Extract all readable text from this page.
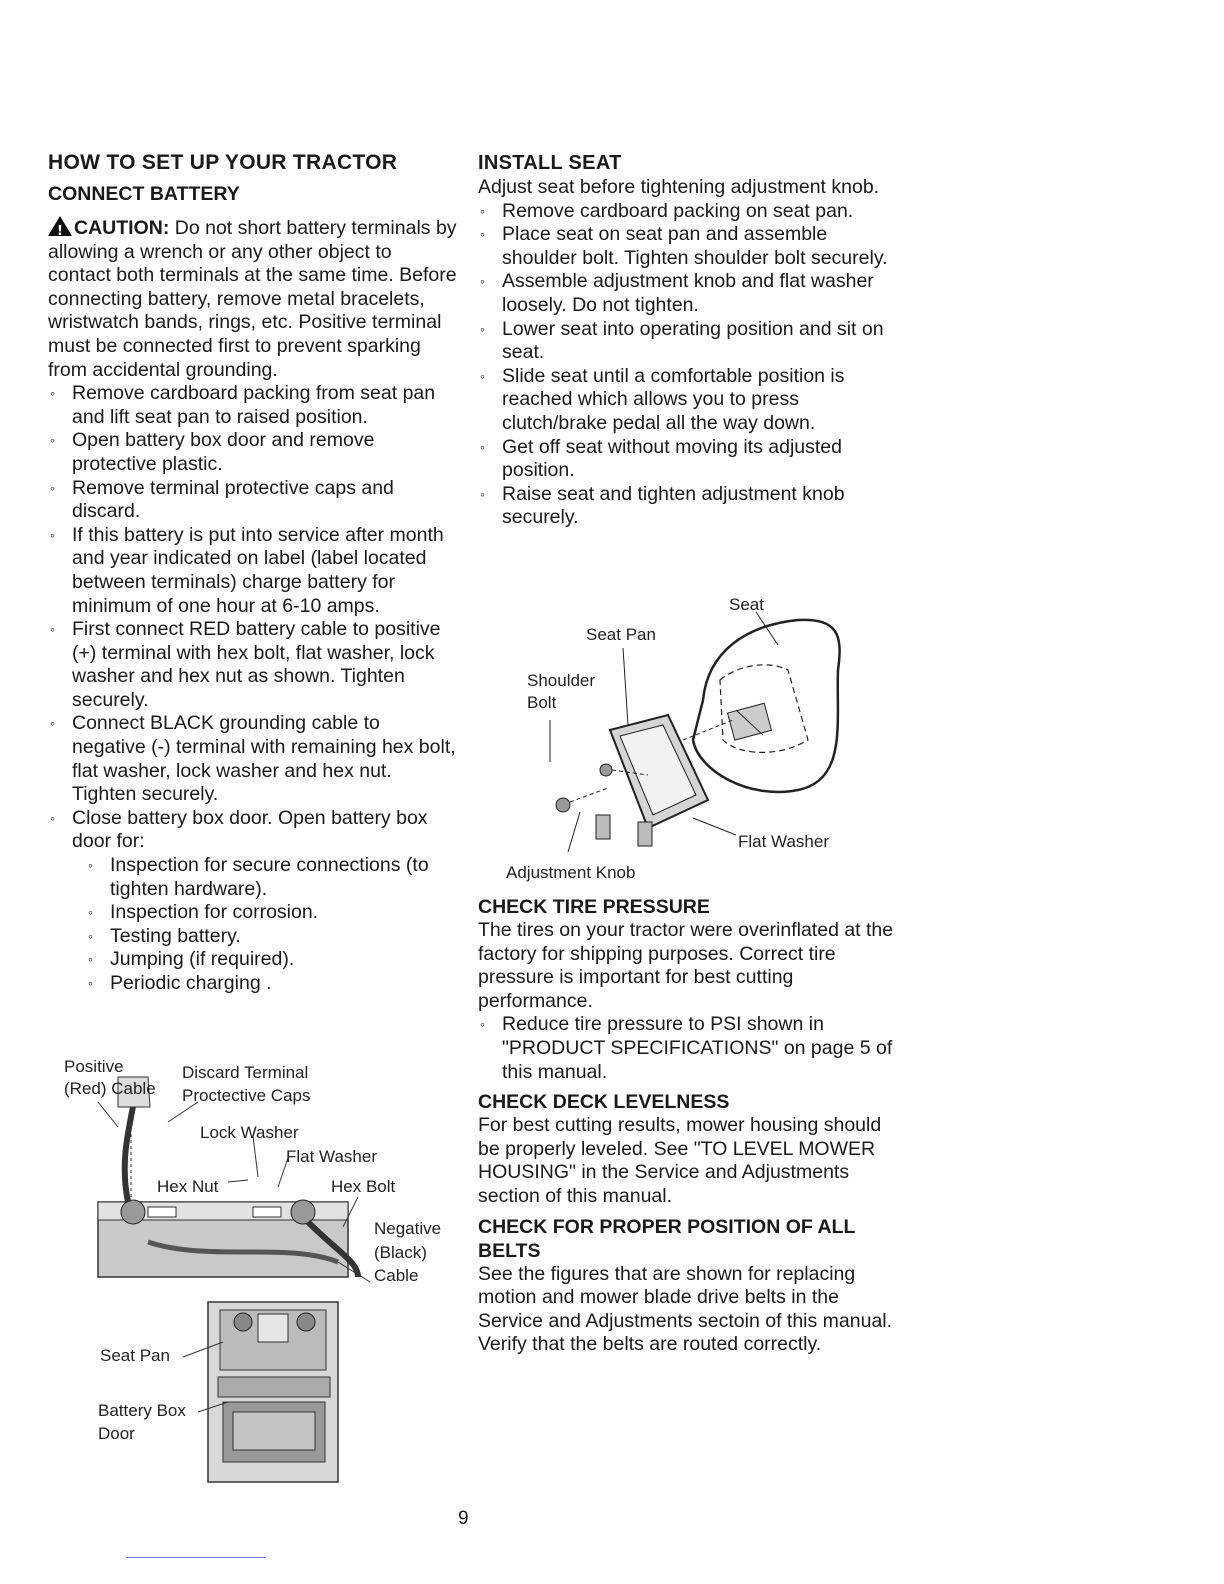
HOW TO SET UP YOUR TRACTOR
CONNECT BATTERY

!CAUTION: Do not short battery terminals by allowing a wrench or any other object to contact both terminals at the same time. Before connecting battery, remove metal bracelets, wristwatch bands, rings, etc. Positive terminal must be connected first to prevent sparking from accidental grounding.

◦ Remove cardboard packing from seat pan and lift seat pan to raised position.
◦ Open battery box door and remove protective plastic.
◦ Remove terminal protective caps and discard.
◦ If this battery is put into service after month and year indicated on label (label located between terminals) charge battery for minimum of one hour at 6-10 amps.
◦ First connect RED battery cable to positive (+) terminal with hex bolt, flat washer, lock washer and hex nut as shown. Tighten securely.
◦ Connect BLACK grounding cable to negative (-) terminal with remaining hex bolt, flat washer, lock washer and hex nut. Tighten securely.
◦ Close battery box door. Open battery box door for:
◦ Inspection for secure connections (to tighten hardware).
◦ Inspection for corrosion.
◦ Testing battery.
◦ Jumping (if required).
◦ Periodic charging .
Positive
(Red) Cable
Discard Terminal
Proctective Caps
Lock Washer
Flat Washer
Hex Nut	Hex Bolt
Negative
(Black)
Cable
Seat Pan
Battery Box
Door
INSTALL SEAT

Adjust seat before tightening adjustment knob.

◦ Remove cardboard packing on seat pan.
◦ Place seat on seat pan and assemble shoulder bolt. Tighten shoulder bolt securely.
◦ Assemble adjustment knob and flat washer loosely. Do not tighten.
◦ Lower seat into operating position and sit on seat.
◦ Slide seat until a comfortable position is reached which allows you to press clutch/brake pedal all the way down.
◦ Get off seat without moving its adjusted position.
◦ Raise seat and tighten adjustment knob securely.
Seat
Seat Pan
Shoulder
Bolt
Flat Washer
Adjustment Knob
CHECK TIRE PRESSURE

The tires on your tractor were overinflated at the factory for shipping purposes. Correct tire pressure is important for best cutting performance.

◦ Reduce tire pressure to PSI shown in "PRODUCT SPECIFICATIONS" on page 5 of this manual.
CHECK DECK LEVELNESS

For best cutting results, mower housing should be properly leveled. See "TO LEVEL MOWER HOUSING" in the Service and Adjustments section of this manual.

CHECK FOR PROPER POSITION OF ALL BELTS

See the figures that are shown for replacing motion and mower blade drive belts in the Service and Adjustments sectoin of this manual. Verify that the belts are routed correctly.

9
